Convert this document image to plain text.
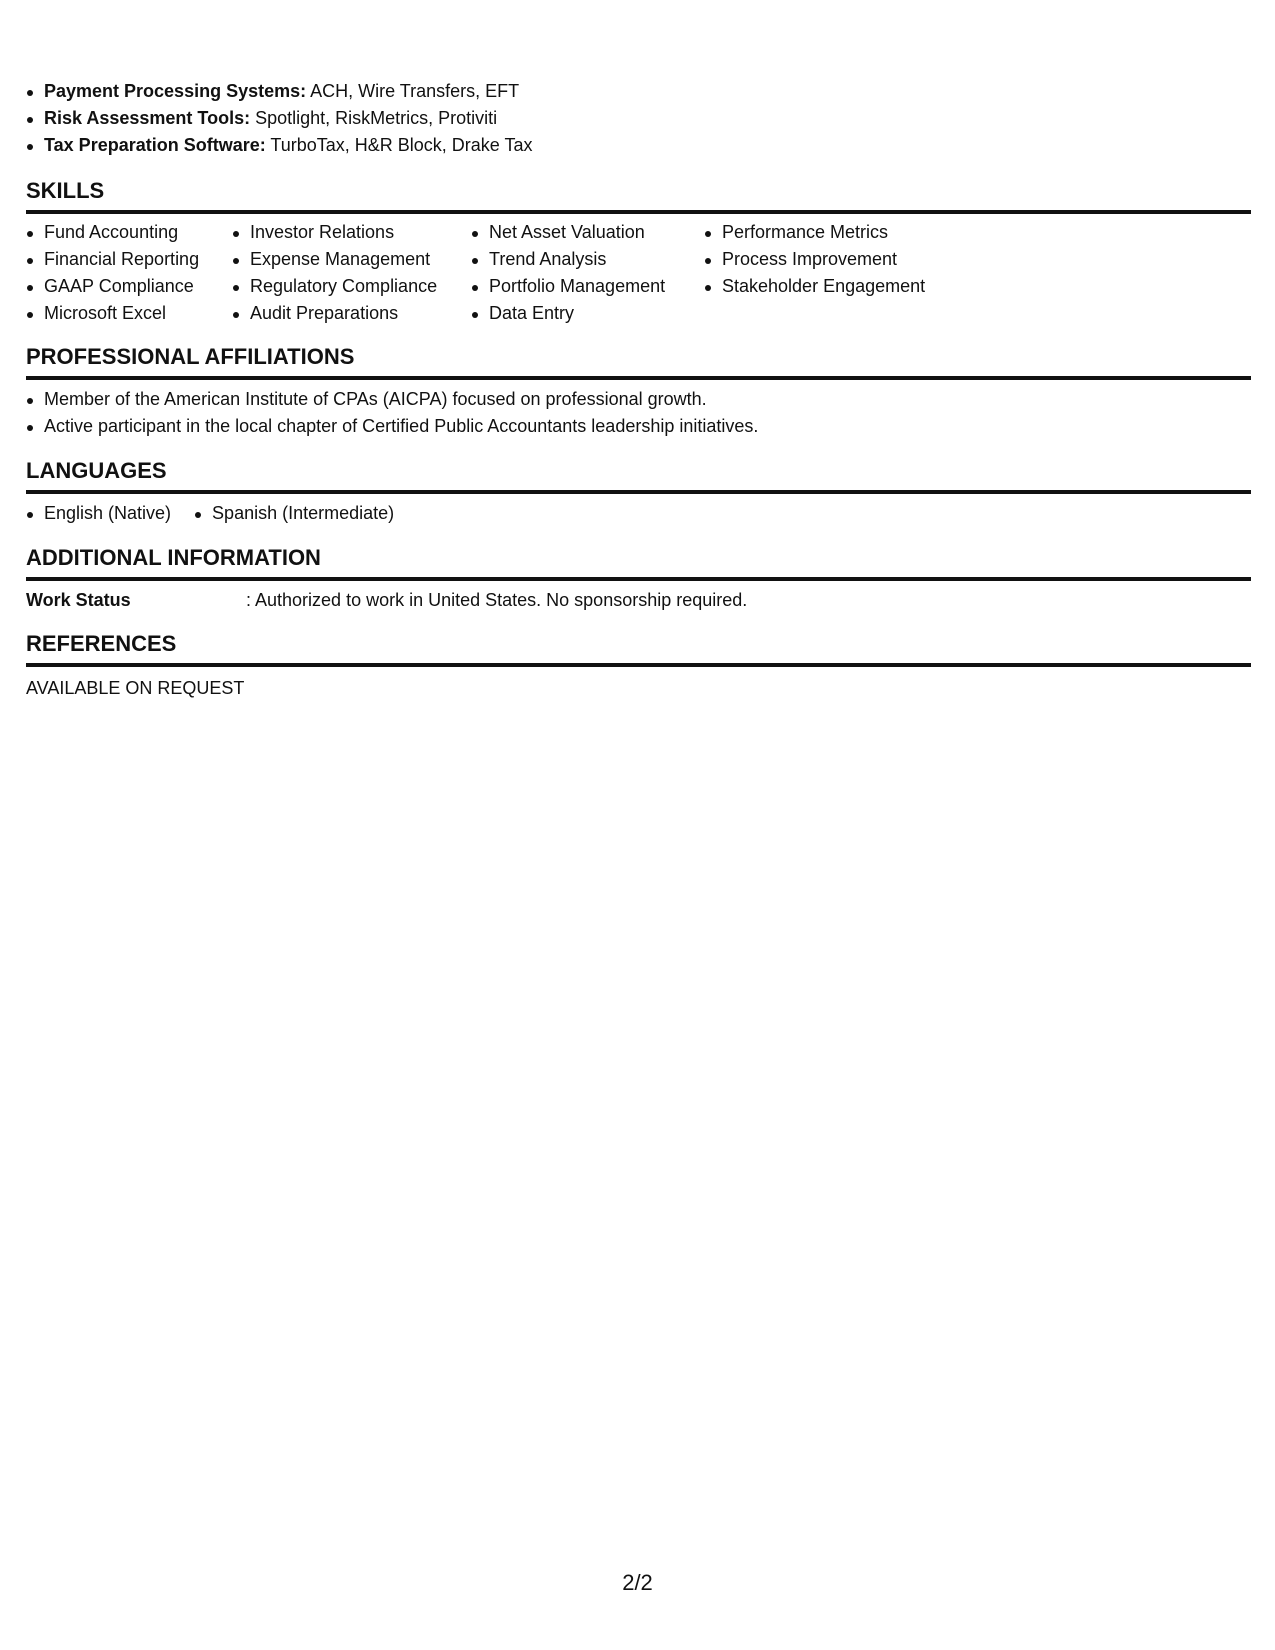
Payment Processing Systems: ACH, Wire Transfers, EFT
Risk Assessment Tools: Spotlight, RiskMetrics, Protiviti
Tax Preparation Software: TurboTax, H&R Block, Drake Tax
SKILLS
Fund Accounting
Financial Reporting
GAAP Compliance
Microsoft Excel
Investor Relations
Expense Management
Regulatory Compliance
Audit Preparations
Net Asset Valuation
Trend Analysis
Portfolio Management
Data Entry
Performance Metrics
Process Improvement
Stakeholder Engagement
PROFESSIONAL AFFILIATIONS
Member of the American Institute of CPAs (AICPA) focused on professional growth.
Active participant in the local chapter of Certified Public Accountants leadership initiatives.
LANGUAGES
English (Native)	Spanish (Intermediate)
ADDITIONAL INFORMATION
Work Status	: Authorized to work in United States. No sponsorship required.
REFERENCES
AVAILABLE ON REQUEST
2/2
